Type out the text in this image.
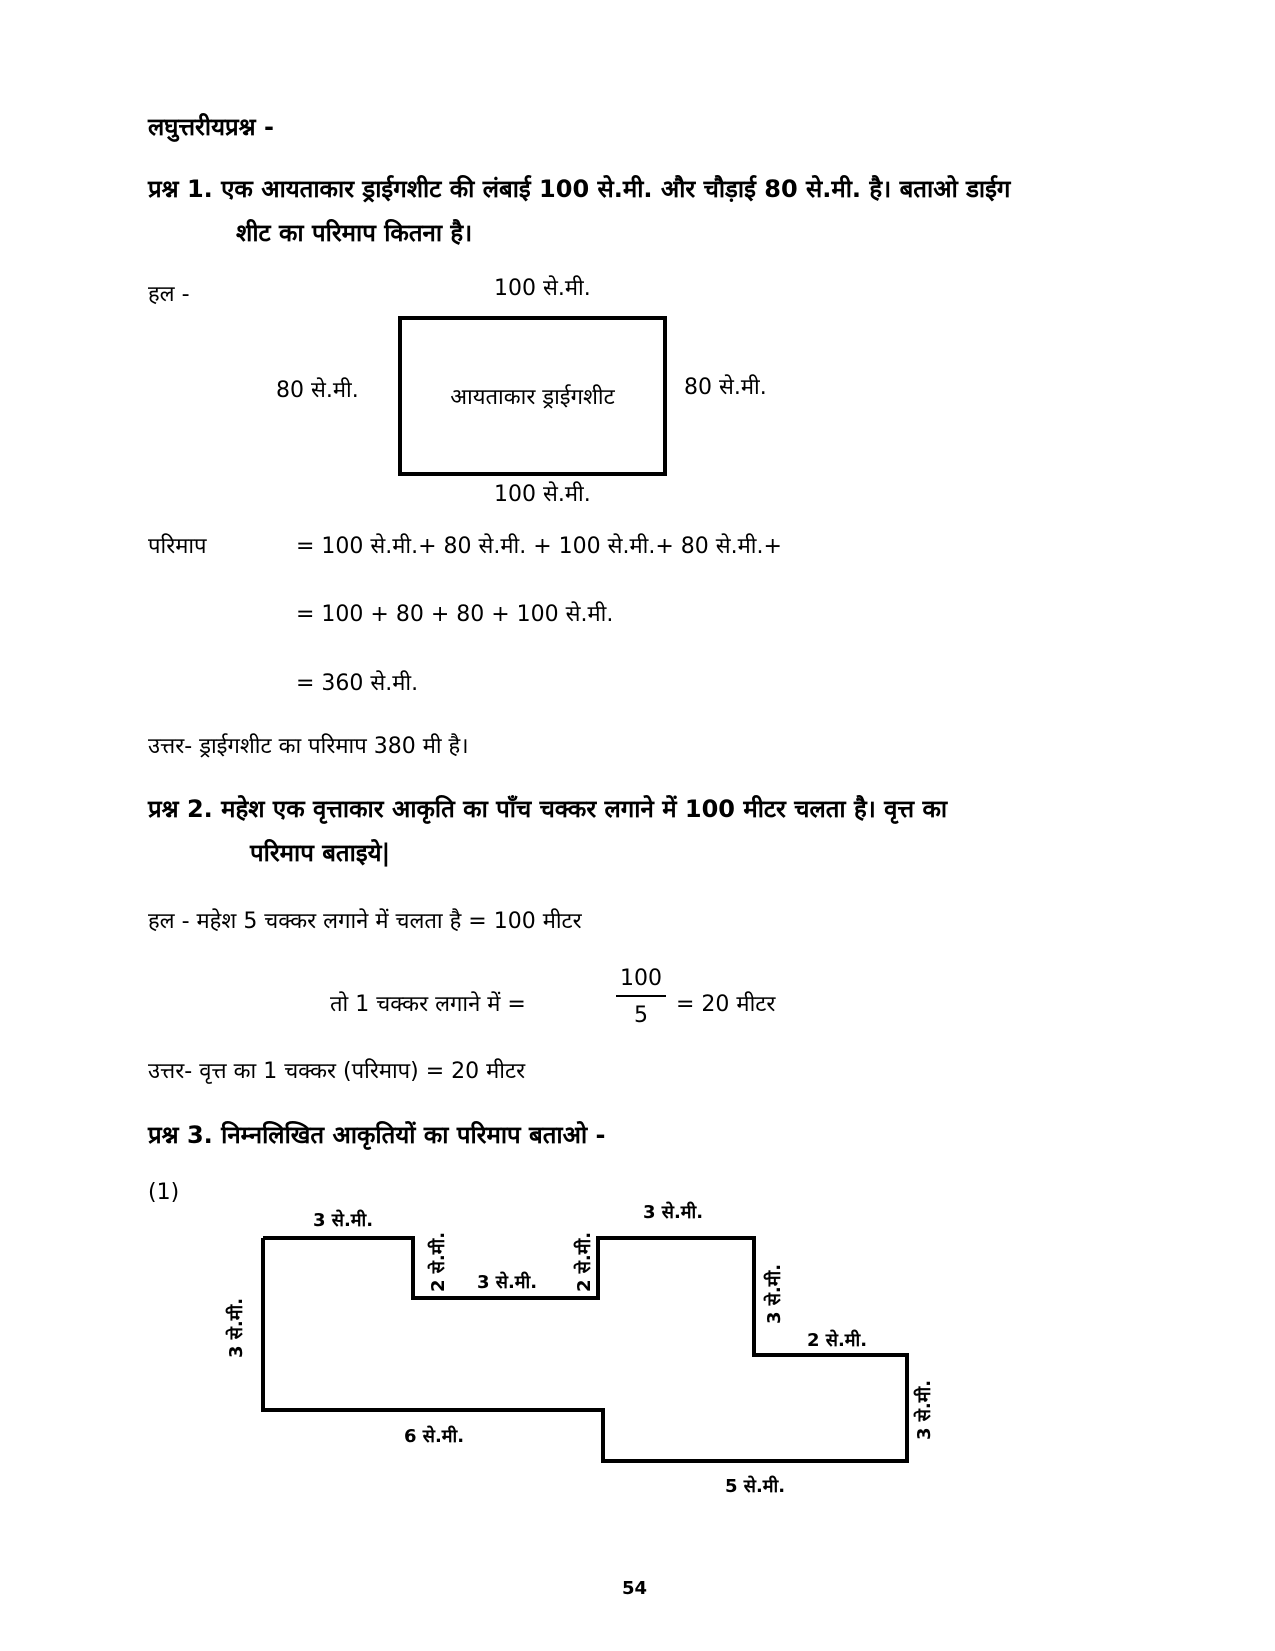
लघुत्तरीयप्रश्न -
प्रश्न 1. एक आयताकार ड्राईगशीट की लंबाई 100 से.मी. और चौड़ाई 80 से.मी. है। बताओ डाईग
शीट का परिमाप कितना है।
हल -	100 से.मी.
आयताकार ड्राईगशीट
80 से.मी.	80 से.मी.
100 से.मी.
परिमाप	= 100 से.मी.+ 80 से.मी. + 100 से.मी.+ 80 से.मी.+
= 100 + 80 + 80 + 100 से.मी.
= 360 से.मी.
उत्तर- ड्राईगशीट का परिमाप 380 मी है।
प्रश्न 2. महेश एक वृत्ताकार आकृति का पाँच चक्कर लगाने में 100 मीटर चलता है। वृत्त का
परिमाप बताइये|
हल - महेश 5 चक्कर लगाने में चलता है = 100 मीटर
तो 1 चक्कर लगाने में =	$\frac{100}{5} = 20$ मीटर
उत्तर- वृत्त का 1 चक्कर (परिमाप) = 20 मीटर
प्रश्न 3. निम्नलिखित आकृतियों का परिमाप बताओ -
(1)
3 से.मी.
2 से.मी. 3 से.मी. 2 से.मी.
3 से.मी.
3 से.मी.
2 से.मी.
3 से.मी.
5 से.मी.
6 से.मी.
3 से.मी.
54
